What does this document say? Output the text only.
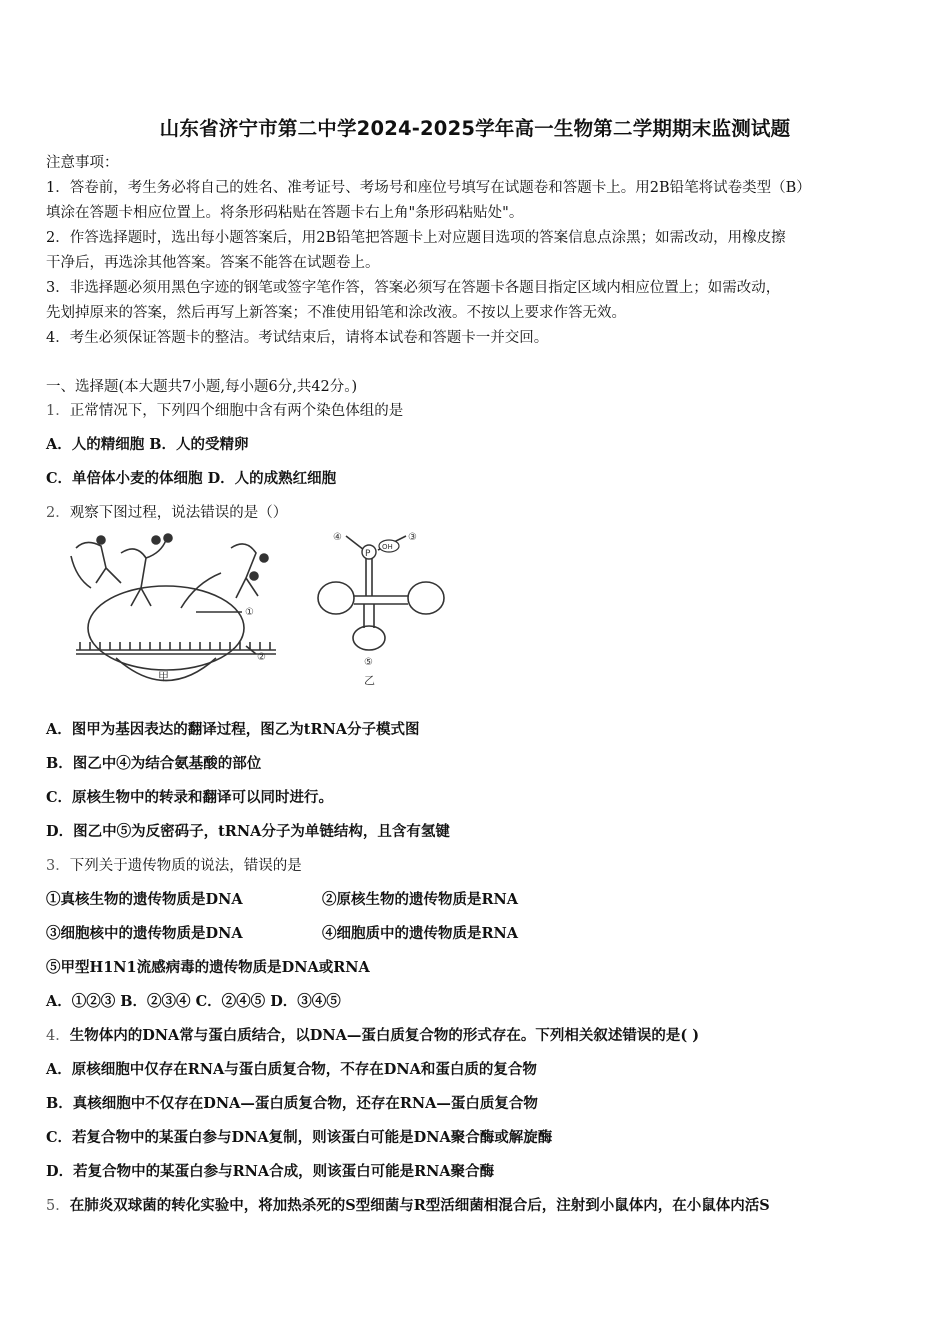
山东省济宁市第二中学2024-2025学年高一生物第二学期期末监测试题
注意事项：
1．答卷前，考生务必将自己的姓名、准考证号、考场号和座位号填写在试题卷和答题卡上。用2B铅笔将试卷类型（B）
填涂在答题卡相应位置上。将条形码粘贴在答题卡右上角"条形码粘贴处"。
2．作答选择题时，选出每小题答案后，用2B铅笔把答题卡上对应题目选项的答案信息点涂黑；如需改动，用橡皮擦
干净后，再选涂其他答案。答案不能答在试题卷上。
3．非选择题必须用黑色字迹的钢笔或签字笔作答，答案必须写在答题卡各题目指定区域内相应位置上；如需改动，
先划掉原来的答案，然后再写上新答案；不准使用铅笔和涂改液。不按以上要求作答无效。
4．考生必须保证答题卡的整洁。考试结束后，请将本试卷和答题卡一并交回。
一、选择题(本大题共7小题,每小题6分,共42分。)
1．正常情况下，下列四个细胞中含有两个染色体组的是
A．人的精细胞 B．人的受精卵
C．单倍体小麦的体细胞 D．人的成熟红细胞
2．观察下图过程，说法错误的是（）
①
②
③
④
⑤
P
OH
甲	乙
A．图甲为基因表达的翻译过程，图乙为tRNA分子模式图
B．图乙中④为结合氨基酸的部位
C．原核生物中的转录和翻译可以同时进行。
D．图乙中⑤为反密码子，tRNA分子为单链结构，且含有氢键
3．下列关于遗传物质的说法，错误的是
①真核生物的遗传物质是DNA	②原核生物的遗传物质是RNA
③细胞核中的遗传物质是DNA	④细胞质中的遗传物质是RNA
⑤甲型H1N1流感病毒的遗传物质是DNA或RNA
A．①②③ B．②③④ C．②④⑤ D．③④⑤
4．生物体内的DNA常与蛋白质结合，以DNA—蛋白质复合物的形式存在。下列相关叙述错误的是( )
A．原核细胞中仅存在RNA与蛋白质复合物，不存在DNA和蛋白质的复合物
B．真核细胞中不仅存在DNA—蛋白质复合物，还存在RNA—蛋白质复合物
C．若复合物中的某蛋白参与DNA复制，则该蛋白可能是DNA聚合酶或解旋酶
D．若复合物中的某蛋白参与RNA合成，则该蛋白可能是RNA聚合酶
5．在肺炎双球菌的转化实验中，将加热杀死的S型细菌与R型活细菌相混合后，注射到小鼠体内，在小鼠体内活S
